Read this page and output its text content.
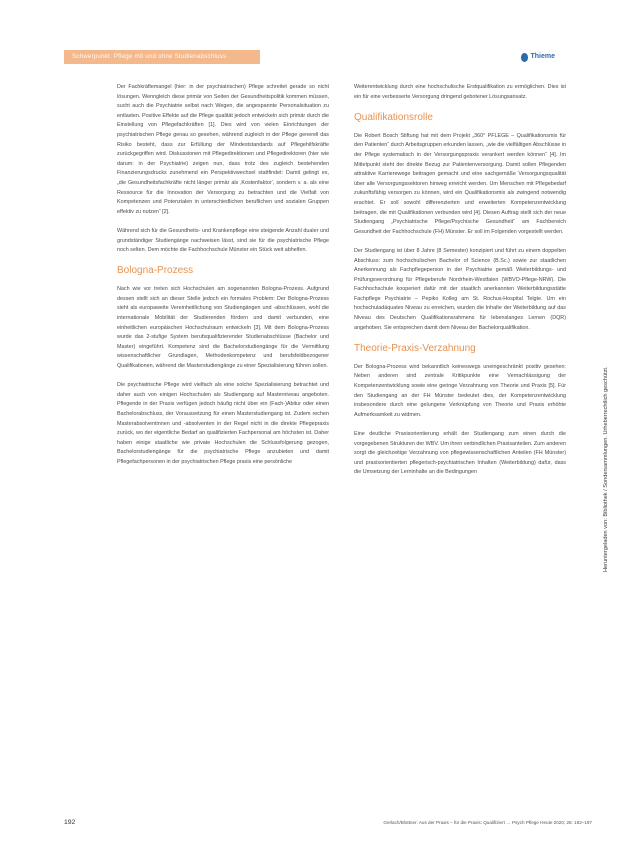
Schwerpunkt: Pflege mit und ohne Studienabschluss	Thieme

Der Fachkräftemangel (hier: in der psychiatrischen) Pflege schreitet gerade so nicht lösungen. Wenngleich diese primär von Seiten der Gesundheitspolitik kommen müssen, sucht auch die Psychiatrie selbst nach Wegen, die angespannte Personalsituation zu entlasten. Positive Effekte auf die Pflege qualität jedoch entwickeln sich primär durch die Einstellung von Pflegefachkräften [1]. Dies wird von vielen Einrichtungen der psychiatrischen Pflege genau so gesehen, während zugleich in der Pflege generell das Risiko besteht, dass zur Erfüllung der Mindeststandards auf Pflegehilfskräfte zurückgegriffen wird. Diskussionen mit Pflegedirektionen und Pflegedirektoren (hier wie darum: in der Psychiatrie) zeigen nun, dass trotz des zugleich bestehenden Finanzierungsdrucks zunehmend ein Perspektivwechsel stattfindet: Damit gelingt es, „die Gesundheitsfachkräfte nicht länger primär als ‚Kostenfaktor‘, sondern v. a. als eine Ressource für die Innovation der Versorgung zu betrachten und die Vielfalt von Kompetenzen und Potenzialen in unterschiedlichen beruflichen und sozialen Gruppen effektiv zu nutzen“ [2].

Während sich für die Gesundheits- und Krankenpflege eine steigende Anzahl dualer und grundständiger Studiengänge nachweisen lässt, sind sie für die psychiatrische Pflege noch selten. Dem möchte die Fachhochschule Münster ein Stück weit abhelfen.

Bologna-Prozess

Nach wie vor treten sich Hochschulen am sogenannten Bologna-Prozess. Aufgrund dessen stellt sich an dieser Stelle jedoch ein formales Problem: Der Bologna-Prozess sieht als europaweite Vereinheitlichung von Studiengängen und -abschlüssen, wohl die internationale Mobilität der Studierenden fördern und damit verbunden, eine einheitlichen europäischen Hochschulraum entwickeln [3]. Mit dem Bologna-Prozess wurde das 2-stufige System berufsqualifizierender Studienabschlüsse (Bachelor und Master) eingeführt. Kompetenz sind die Bachelorstudiengänge für die Vermittlung wissenschaftlicher Grundlagen, Methodenkompetenz und berufsfeldbezogener Qualifikationen, während die Masterstudiengänge zu einer Spezialisierung führen sollen.

Die psychiatrische Pflege wird vielfach als eine solche Spezialisierung betrachtet und daher auch von einigen Hochschulen als Studiengang auf Masterniveau angeboten. Pflegende in der Praxis verfügen jedoch häufig nicht über ein (Fach-)Abitur oder einen Bachelorabschluss, der Voraussetzung für einen Masterstudiengang ist. Zudem rechen Masterabsolventinnen und -absolventen in der Regel nicht in die direkte Pflegepraxis zurück, wo der eigentliche Bedarf an qualifizierten Fachpersonal am höchsten ist. Daher haben einige staatliche wie private Hochschulen die Schlussfolgerung gezogen, Bachelorstudiengänge für die psychiatrische Pflege anzubieten und damit Pflegefachpersonen in der psychiatrischen Pflege praxis eine persönliche

Weiterentwicklung durch eine hochschulische Erstqualifikation zu ermöglichen. Dies ist ein für eine verbesserte Versorgung dringend gebotener Lösungsansatz.

Qualifikationsrolle

Die Robert Bosch Stiftung hat mit dem Projekt „360° PFLEGE – Qualifikationsmix für den Patienten“ durch Arbeitsgruppen erkunden lassen, „wie die vielfältigen Abschlüsse in der Pflege systematisch in der Versorgungspraxis verankert werden können“ [4]. Im Mittelpunkt steht der direkte Bezug zur Patientenversorgung. Damit sollen Pflegenden attraktive Karrierewege beitragen gemacht und eine sachgemäße Versorgungsqualität über alle Versorgungssektoren hinweg erreicht werden. Um Menschen mit Pflegebedarf zukunftsfähig versorgen zu können, wird ein Qualifikationsmix als zwingend notwendig erachtet. Er soll sowohl differenzierten und erweiterten Kompetenzentwicklung beitragen, die mit Qualifikationen verbunden wird [4]. Diesen Auftrag stellt sich der neue Studiengang „Psychiatrische Pflege/Psychische Gesundheit“ am Fachbereich Gesundheit der Fachhochschule (FH) Münster. Er soll im Folgenden vorgestellt werden.

Der Studiengang ist über 8 Jahre (8 Semester) konzipiert und führt zu einem doppelten Abschluss: zum hochschulischen Bachelor of Science (B.Sc.) sowie zur staatlichen Anerkennung als Fachpflegeperson in der Psychiatrie gemäß Weiterbildungs- und Prüfungsverordnung für Pflegeberufe Nordrhein-Westfalen (WBVO-Pflege-NRW). Die Fachhochschule kooperiert dafür mit der staatlich anerkannten Weiterbildungsstätte Fachpflege Psychiatrie – Pepiko Kolleg am St. Rochus-Hospital Telgte. Um ein hochschuladäquates Niveau zu erreichen, wurden die Inhalte der Weiterbildung auf das Niveau des Deutschen Qualifikationsrahmens für lebenslanges Lernen (DQR) angehoben. Sie entsprechen damit dem Niveau der Bachelorqualifikation.

Theorie-Praxis-Verzahnung

Der Bologna-Prozess wird bekanntlich keineswegs uneingeschränkt positiv gesehen: Neben anderen sind zentrale Kritikpunkte eine Vernachlässigung der Kompetenzentwicklung sowie eine geringe Verzahnung von Theorie und Praxis [5]. Für den Studiengang an der FH Münster bedeutet dies, der Kompetenzentwicklung insbesondere durch eine gelungene Verknüpfung von Theorie und Praxis erhöhte Aufmerksamkeit zu widmen.

Eine deutliche Praxisorientierung erhält der Studiengang zum einen durch die vorgegebenen Strukturen der WBV. Um ihren verbindlichen Praxisanteilen. Zum anderen sorgt die gleichzeitige Verzahnung von pflegewissenschaftlichen Anteilen (FH Münster) und praxisorientierten pflegerisch-psychiatrischen Inhalten (Weiterbildung) dafür, dass die Umsetzung der Lerninhalte an die Bedingungen	Heruntergeladen von: Bibliothek / Sondersammlungen. Urheberrechtlich geschützt.
192	Gerlach/Blottner: Aus der Praxis – für die Praxis: Qualifiziert … Psych Pflege Heute 2020; 26: 192–197
